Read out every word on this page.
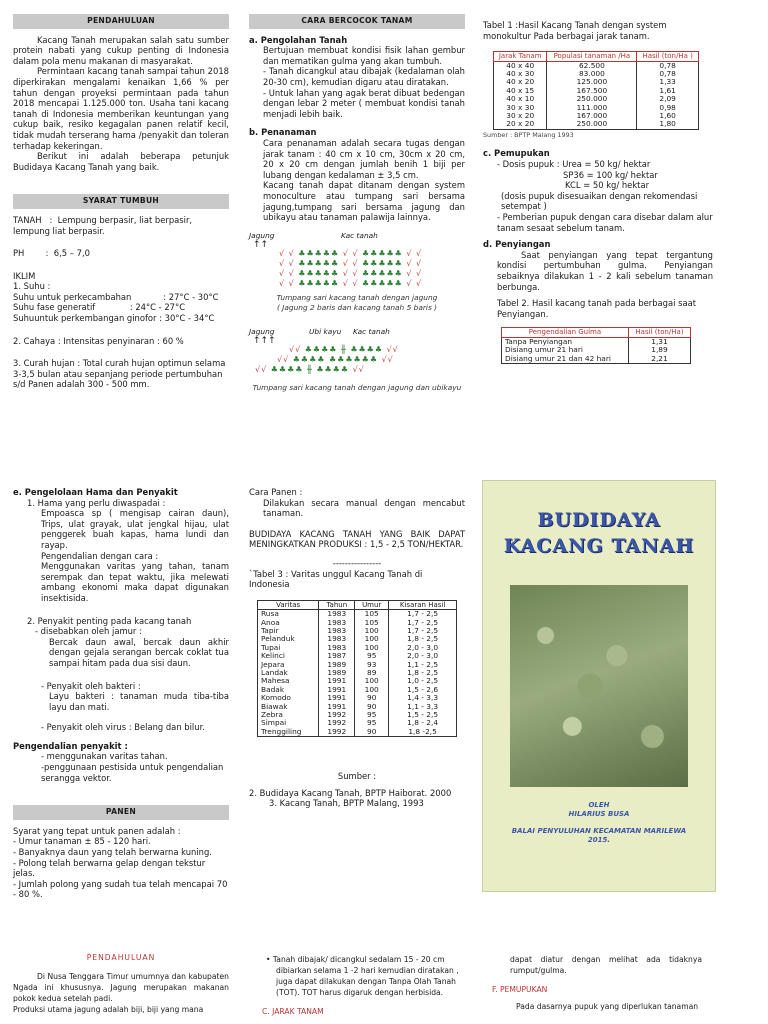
PENDAHULUAN

Kacang Tanah merupakan salah satu sumber protein nabati yang cukup penting di Indonesia dalam pola menu makanan di masyarakat.

Permintaan kacang tanah sampai tahun 2018 diperkirakan mengalami kenaikan 1,66 % per tahun dengan proyeksi permintaan pada tahun 2018 mencapai 1.125.000 ton. Usaha tani kacang tanah di Indonesia memberikan keuntungan yang cukup baik, resiko kegagalan panen relatif kecil, tidak mudah terserang hama /penyakit dan toleran terhadap kekeringan.

Berikut ini adalah beberapa petunjuk Budidaya Kacang Tanah yang baik.

SYARAT TUMBUH

TANAH   :  Lempung berpasir, liat berpasir, lempung liat berpasir.

PH        :  6,5 – 7,0

IKLIM

1. Suhu :

Suhu untuk perkecambahan            : 27°C - 30°C

Suhu fase generatif             : 24°C - 27°C

Suhuuntuk perkembangan ginofor : 30°C - 34°C

2. Cahaya : Intensitas penyinaran : 60 %

3. Curah hujan : Total curah hujan optimun selama 3-3,5 bulan atau sepanjang periode pertumbuhan s/d Panen adalah 300 - 500 mm.

CARA BERCOCOK TANAM

a. Pengolahan Tanah

Bertujuan membuat kondisi fisik lahan gembur dan mematikan gulma yang akan tumbuh.

- Tanah dicangkul atau dibajak (kedalaman olah 20-30 cm), kemudian digaru atau diratakan.

- Untuk lahan yang agak berat dibuat bedengan dengan lebar 2 meter ( membuat kondisi tanah menjadi lebih baik.

b. Penanaman

Cara penanaman adalah secara tugas dengan jarak tanam : 40 cm x 10 cm, 30cm x 20 cm, 20 x 20 cm dengan jumlah benih 1 biji per lubang dengan kedalaman ± 3,5 cm.

Kacang tanah dapat ditanam dengan system monoculture atau tumpang sari bersama jagung,tumpang sari bersama jagung dan ubikayu atau tanaman palawija lainnya.

Jagung	Kac tanah
↑↑
√ √ ♣♣♣♣♣ √ √ ♣♣♣♣♣ √ √
√ √ ♣♣♣♣♣ √ √ ♣♣♣♣♣ √ √
√ √ ♣♣♣♣♣ √ √ ♣♣♣♣♣ √ √
√ √ ♣♣♣♣♣ √ √ ♣♣♣♣♣ √ √
Tumpang sari kacang tanah dengan jagung
( Jagung 2 baris dan kacang tanah 5 baris )
Jagung	Ubi kayu Kac tanah
↑↑↑
√√ ♣♣♣♣ ╫ ♣♣♣♣ √√
√√ ♣♣♣♣ ♣♣♣♣♣♣ √√
√√ ♣♣♣♣ ╫ ♣♣♣♣ √√
Tumpang sari kacang tanah dengan jagung dan ubikayu

Tabel 1 :Hasil Kacang Tanah dengan system monokultur Pada berbagai jarak tanam.

Jarak Tanam	Populasi tanaman /Ha	Hasil (ton/Ha )
40 x 40	62.500	0,78
40 x 30	83.000	0,78
40 x 20	125.000	1,33
40 x 15	167.500	1,61
40 x 10	250.000	2,09
30 x 30	111.000	0,98
30 x 20	167.000	1,60
20 x 20	250.000	1,80

Sumber : BPTP Malang 1993

c. Pemupukan

- Dosis pupuk : Urea = 50 kg/ hektar

SP36 = 100 kg/ hektar

KCL = 50 kg/ hektar

(dosis pupuk disesuaikan dengan rekomendasi setempat )

- Pemberian pupuk dengan cara disebar dalam alur tanam sesaat sebelum tanam.

d. Penyiangan

Saat penyiangan yang tepat tergantung kondisi pertumbuhan gulma. Penyiangan sebaiknya dilakukan 1 - 2 kali sebelum tanaman berbunga.

Tabel 2. Hasil kacang tanah pada berbagai saat Penyiangan.

Pengendalian Gulma	Hasil (ton/Ha)
Tanpa Penyiangan	1,31
Disiang umur 21 hari	1,89
Disiang umur 21 dan 42 hari	2,21

e. Pengelolaan Hama dan Penyakit

1. Hama yang perlu diwaspadai :

Empoasca sp ( mengisap cairan daun), Trips, ulat grayak, ulat jengkal hijau, ulat penggerek buah kapas, hama lundi dan rayap.

Pengendalian dengan cara :

Menggunakan varitas yang tahan, tanam serempak dan tepat waktu, jika melewati ambang ekonomi maka dapat digunakan insektisida.

2. Penyakit penting pada kacang tanah

- disebabkan oleh jamur :

Bercak daun awal, bercak daun akhir dengan gejala serangan bercak coklat tua sampai hitam pada dua sisi daun.

- Penyakit oleh bakteri :

Layu bakteri : tanaman muda tiba-tiba layu dan mati.

- Penyakit oleh virus : Belang dan bilur.

Pengendalian penyakit :

- menggunakan varitas tahan.

-penggunaan pestisida untuk pengendalian serangga vektor.

PANEN

Syarat yang tepat untuk panen adalah :

- Umur tanaman ± 85 - 120 hari.

- Banyaknya daun yang telah berwarna kuning.

- Polong telah berwarna gelap dengan tekstur jelas.

- Jumlah polong yang sudah tua telah mencapai 70 - 80 %.

Cara Panen :

Dilakukan secara manual dengan mencabut tanaman.

BUDIDAYA KACANG TANAH YANG BAIK DAPAT MENINGKATKAN PRODUKSI : 1,5 - 2,5 TON/HEKTAR.

----------------

`Tabel 3 : Varitas unggul Kacang Tanah di Indonesia

Varitas	Tahun	Umur	Kisaran Hasil
Rusa	1983	105	1,7 - 2,5
Anoa	1983	105	1,7 - 2,5
Tapir	1983	100	1,7 - 2,5
Pelanduk	1983	100	1,8 - 2,5
Tupai	1983	100	2,0 - 3,0
Kelinci	1987	95	2,0 - 3,0
Jepara	1989	93	1,1 - 2,5
Landak	1989	89	1,8 - 2,5
Mahesa	1991	100	1,0 - 2,5
Badak	1991	100	1,5 - 2,6
Komodo	1991	90	1,4 - 3,3
Biawak	1991	90	1,1 - 3,3
Zebra	1992	95	1,5 - 2,5
Simpai	1992	95	1,8 - 2,4
Trenggiling	1992	90	1,8 -2,5

Sumber :

2. Budidaya Kacang Tanah, BPTP Haiborat. 2000

3. Kacang Tanah, BPTP Malang, 1993

BUDIDAYA
KACANG TANAH
OLEH
HILARIUS BUSA
BALAI PENYULUHAN KECAMATAN MARILEWA 2015.

PENDAHULUAN

Di Nusa Tenggara Timur umumnya dan kabupaten Ngada ini khususnya. Jagung merupakan makanan pokok kedua setelah padi.

Produksi utama jagung adalah biji, biji yang mana

• Tanah dibajak/ dicangkul sedalam 15 - 20 cm dibiarkan selama 1 -2 hari kemudian diratakan , juga dapat dilakukan dengan Tanpa Olah Tanah (TOT). TOT harus digaruk dengan herbisida.

C. JARAK TANAM

dapat diatur dengan melihat ada tidaknya rumput/gulma.

F. PEMUPUKAN

Pada dasarnya pupuk yang diperlukan tanaman
